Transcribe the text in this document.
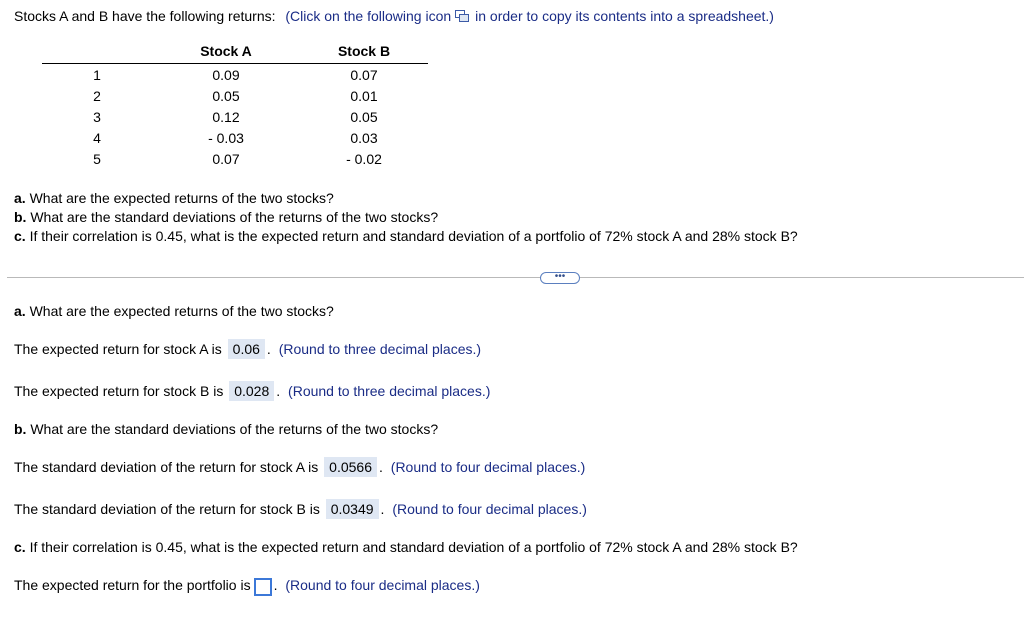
Stocks A and B have the following returns: (Click on the following icon in order to copy its contents into a spreadsheet.)
	Stock A	Stock B
1	0.09	0.07
2	0.05	0.01
3	0.12	0.05
4	- 0.03	0.03
5	0.07	- 0.02
a. What are the expected returns of the two stocks?
b. What are the standard deviations of the returns of the two stocks?
c. If their correlation is 0.45, what is the expected return and standard deviation of a portfolio of 72% stock A and 28% stock B?
•••
a. What are the expected returns of the two stocks?
The expected return for stock A is 0.06 . (Round to three decimal places.)
The expected return for stock B is 0.028 . (Round to three decimal places.)
b. What are the standard deviations of the returns of the two stocks?
The standard deviation of the return for stock A is 0.0566 . (Round to four decimal places.)
The standard deviation of the return for stock B is 0.0349 . (Round to four decimal places.)
c. If their correlation is 0.45, what is the expected return and standard deviation of a portfolio of 72% stock A and 28% stock B?
The expected return for the portfolio is . (Round to four decimal places.)
